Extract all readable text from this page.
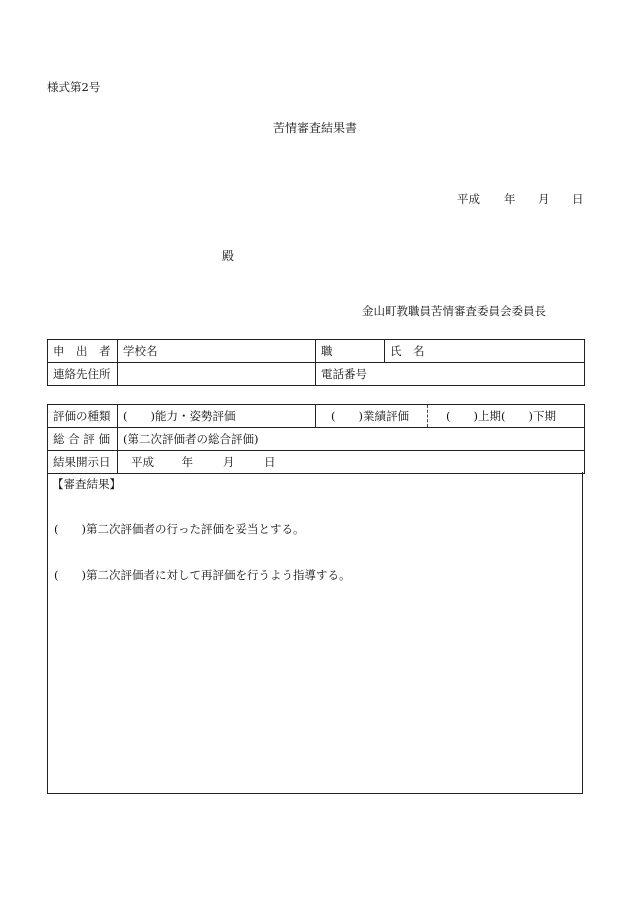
様式第2号
苦情審査結果書
平成 年 月 日
殿
金山町教職員苦情審査委員会委員長
申　出　者	学校名	職	氏　名
連絡先住所		電話番号	
評価の種類	(　　)能力・姿勢評価	(　　)業績評価	(　　)上期(　　)下期
総 合 評 価	(第二次評価者の総合評価)		
結果開示日	平成 年 月 日		
【審査結果】
(　　)第二次評価者の行った評価を妥当とする。
(　　)第二次評価者に対して再評価を行うよう指導する。
